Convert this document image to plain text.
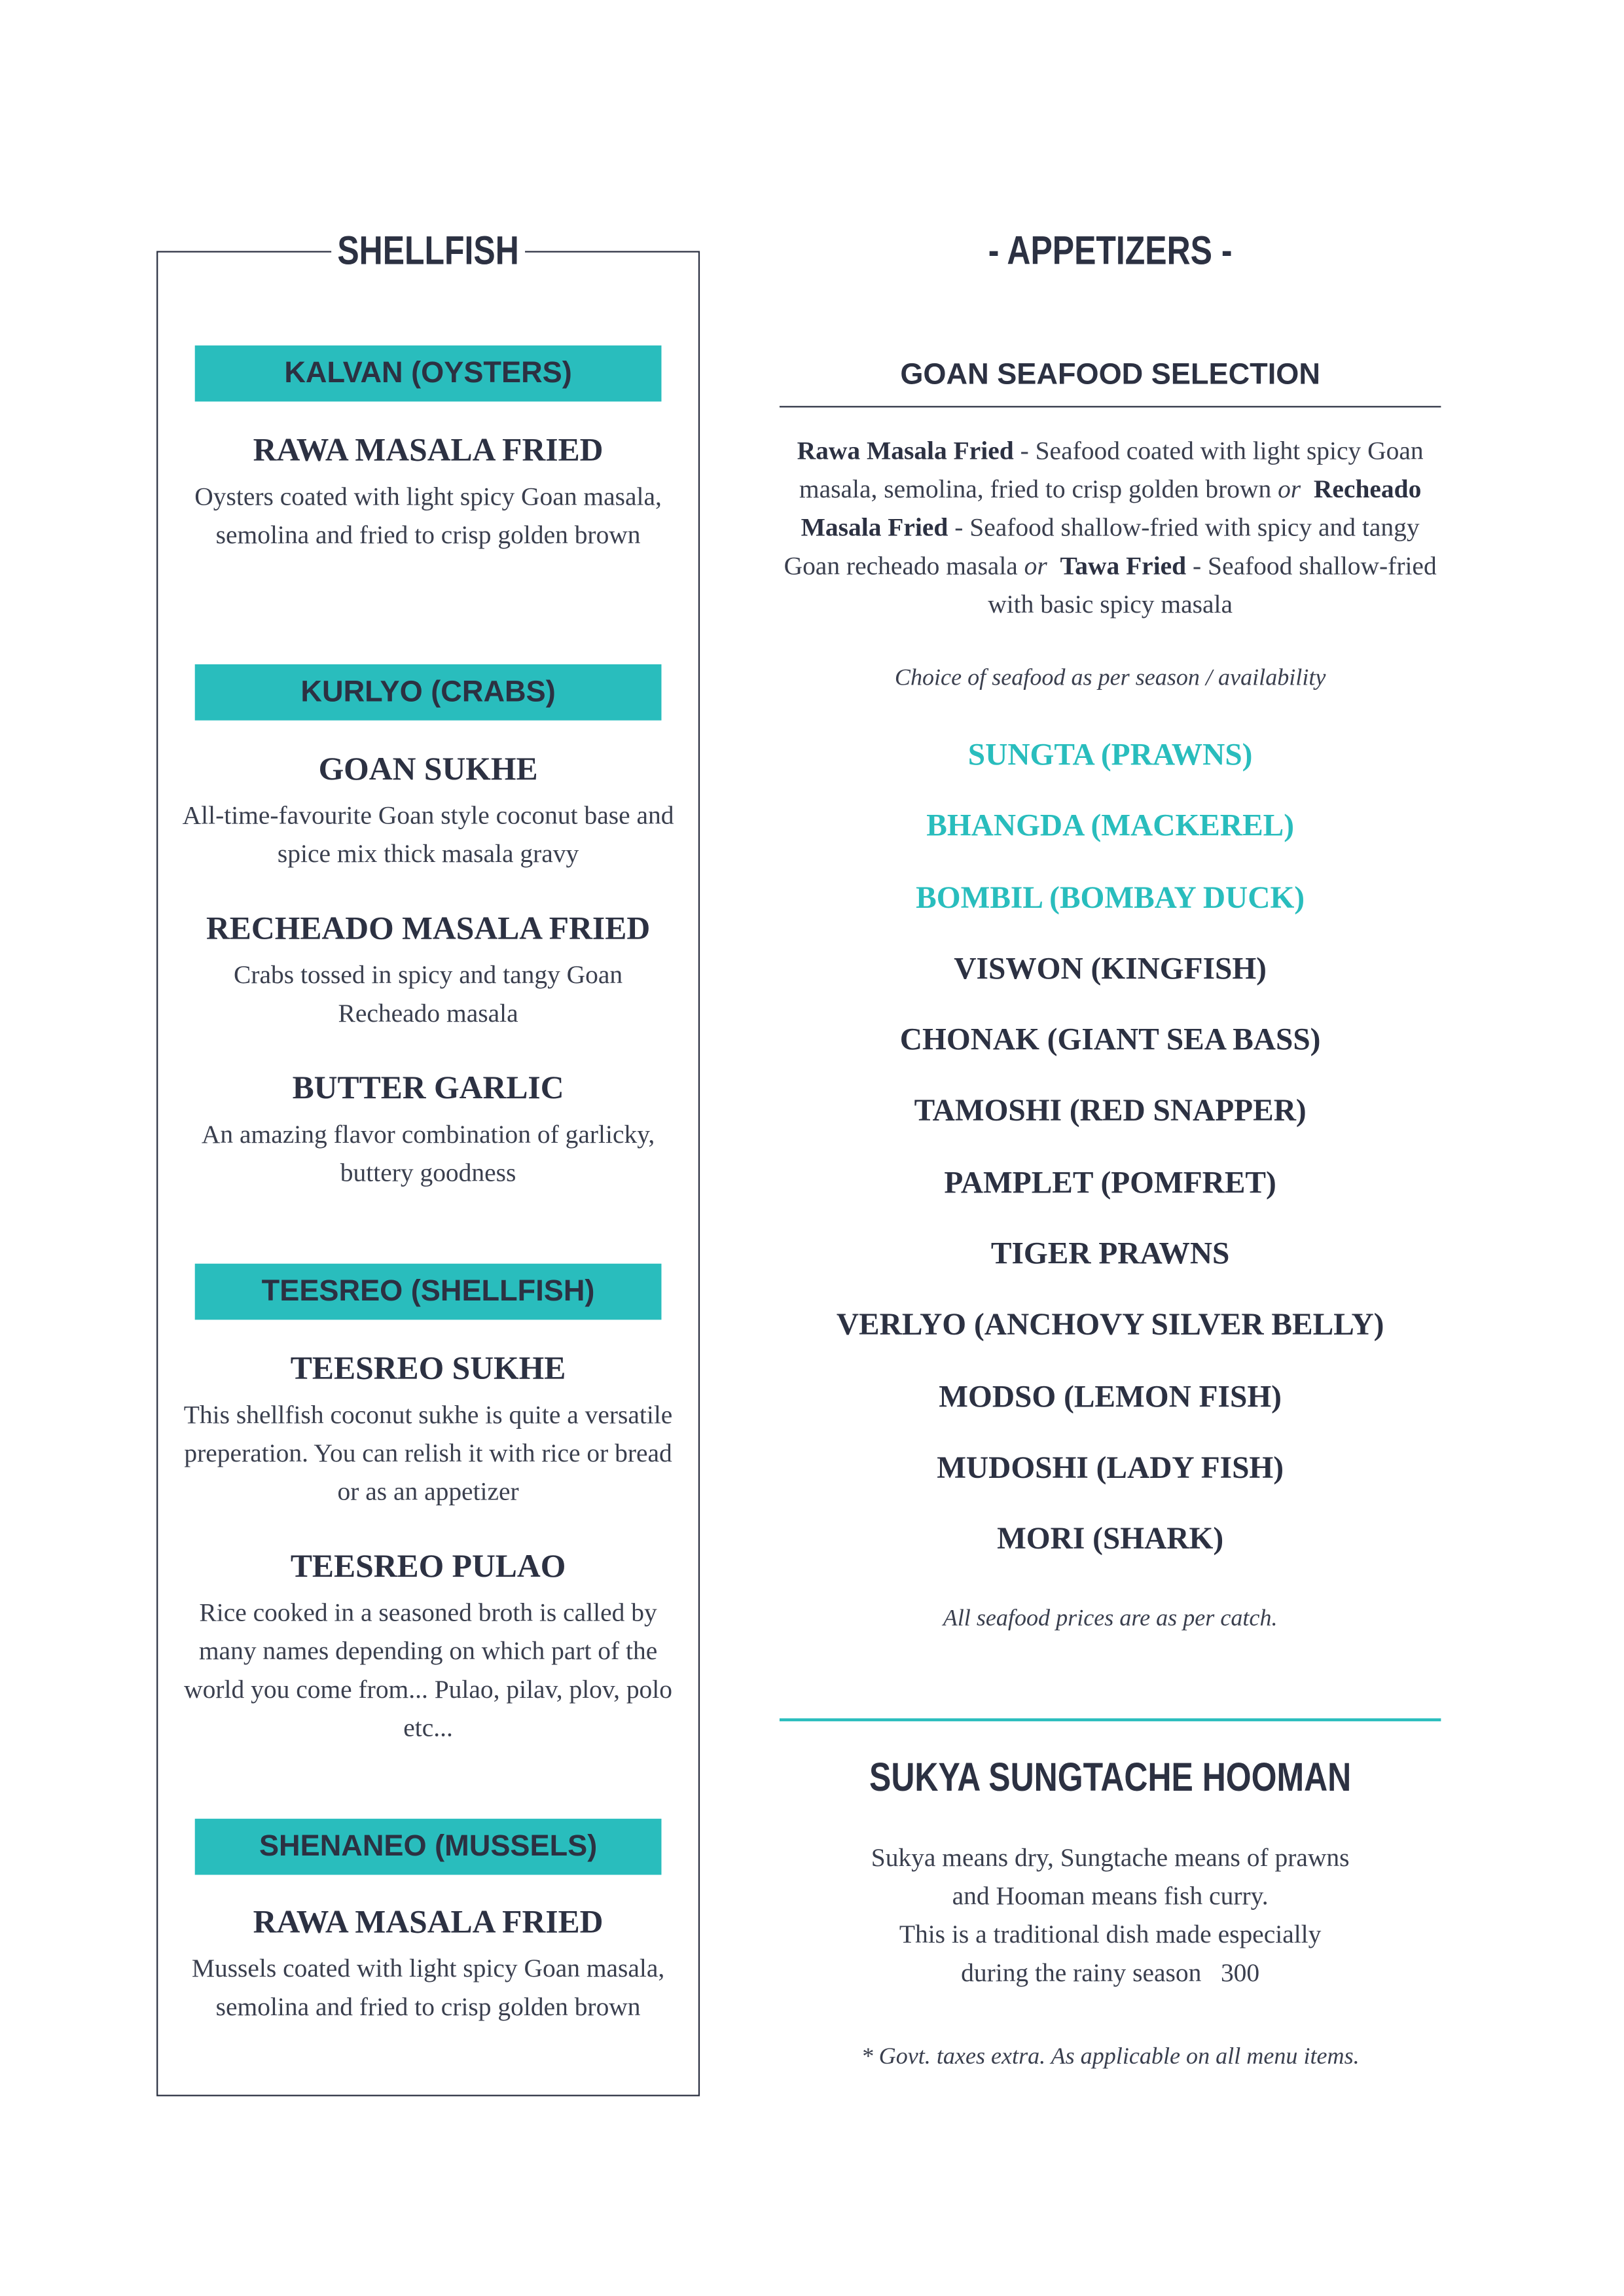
SHELLFISH
KALVAN (OYSTERS)
RAWA MASALA FRIED

Oysters coated with light spicy Goan masala, semolina and fried to crisp golden brown

KURLYO (CRABS)
GOAN SUKHE

All-time-favourite Goan style coconut base and spice mix thick masala gravy

RECHEADO MASALA FRIED

Crabs tossed in spicy and tangy Goan Recheado masala

BUTTER GARLIC

An amazing flavor combination of garlicky, buttery goodness

TEESREO (SHELLFISH)
TEESREO SUKHE

This shellfish coconut sukhe is quite a versatile preperation. You can relish it with rice or bread or as an appetizer

TEESREO PULAO

Rice cooked in a seasoned broth is called by many names depending on which part of the world you come from... Pulao, pilav, plov, polo etc...

SHENANEO (MUSSELS)
RAWA MASALA FRIED

Mussels coated with light spicy Goan masala, semolina and fried to crisp golden brown

- APPETIZERS -
GOAN SEAFOOD SELECTION
Rawa Masala Fried - Seafood coated with light spicy Goan masala, semolina, fried to crisp golden brown or Recheado Masala Fried - Seafood shallow-fried with spicy and tangy Goan recheado masala or Tawa Fried - Seafood shallow-fried with basic spicy masala
Choice of seafood as per season / availability
SUNGTA (PRAWNS)
BHANGDA (MACKEREL)
BOMBIL (BOMBAY DUCK)
VISWON (KINGFISH)
CHONAK (GIANT SEA BASS)
TAMOSHI (RED SNAPPER)
PAMPLET (POMFRET)
TIGER PRAWNS
VERLYO (ANCHOVY SILVER BELLY)
MODSO (LEMON FISH)
MUDOSHI (LADY FISH)
MORI (SHARK)
All seafood prices are as per catch.
SUKYA SUNGTACHE HOOMAN
Sukya means dry, Sungtache means of prawns
and Hooman means fish curry.
This is a traditional dish made especially
during the rainy season 300
* Govt. taxes extra. As applicable on all menu items.
